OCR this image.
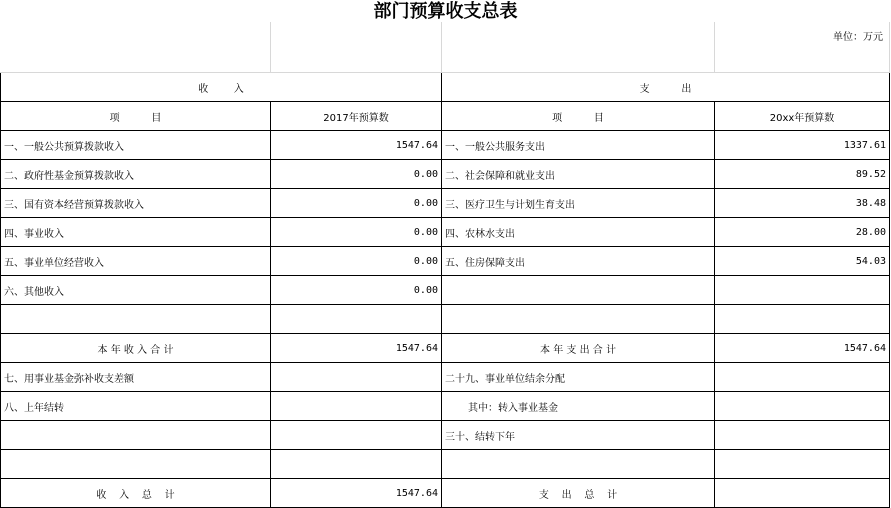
部门预算收支总表
单位：万元

收        入		支          出	
项          目	2017年预算数	项          目	20xx年预算数
一、一般公共预算拨款收入	1547.64	一、一般公共服务支出	1337.61
二、政府性基金预算拨款收入	0.00	二、社会保障和就业支出	89.52
三、国有资本经营预算拨款收入	0.00	三、医疗卫生与计划生育支出	38.48
四、事业收入	0.00	四、农林水支出	28.00
五、事业单位经营收入	0.00	五、住房保障支出	54.03
六、其他收入	0.00		

本 年 收 入 合 计	1547.64	本 年 支 出 合 计	1547.64
七、用事业基金弥补收支差额		二十九、事业单位结余分配	
八、上年结转		其中：转入事业基金	
		三十、结转下年	

收    入    总    计	1547.64	支    出    总    计	
